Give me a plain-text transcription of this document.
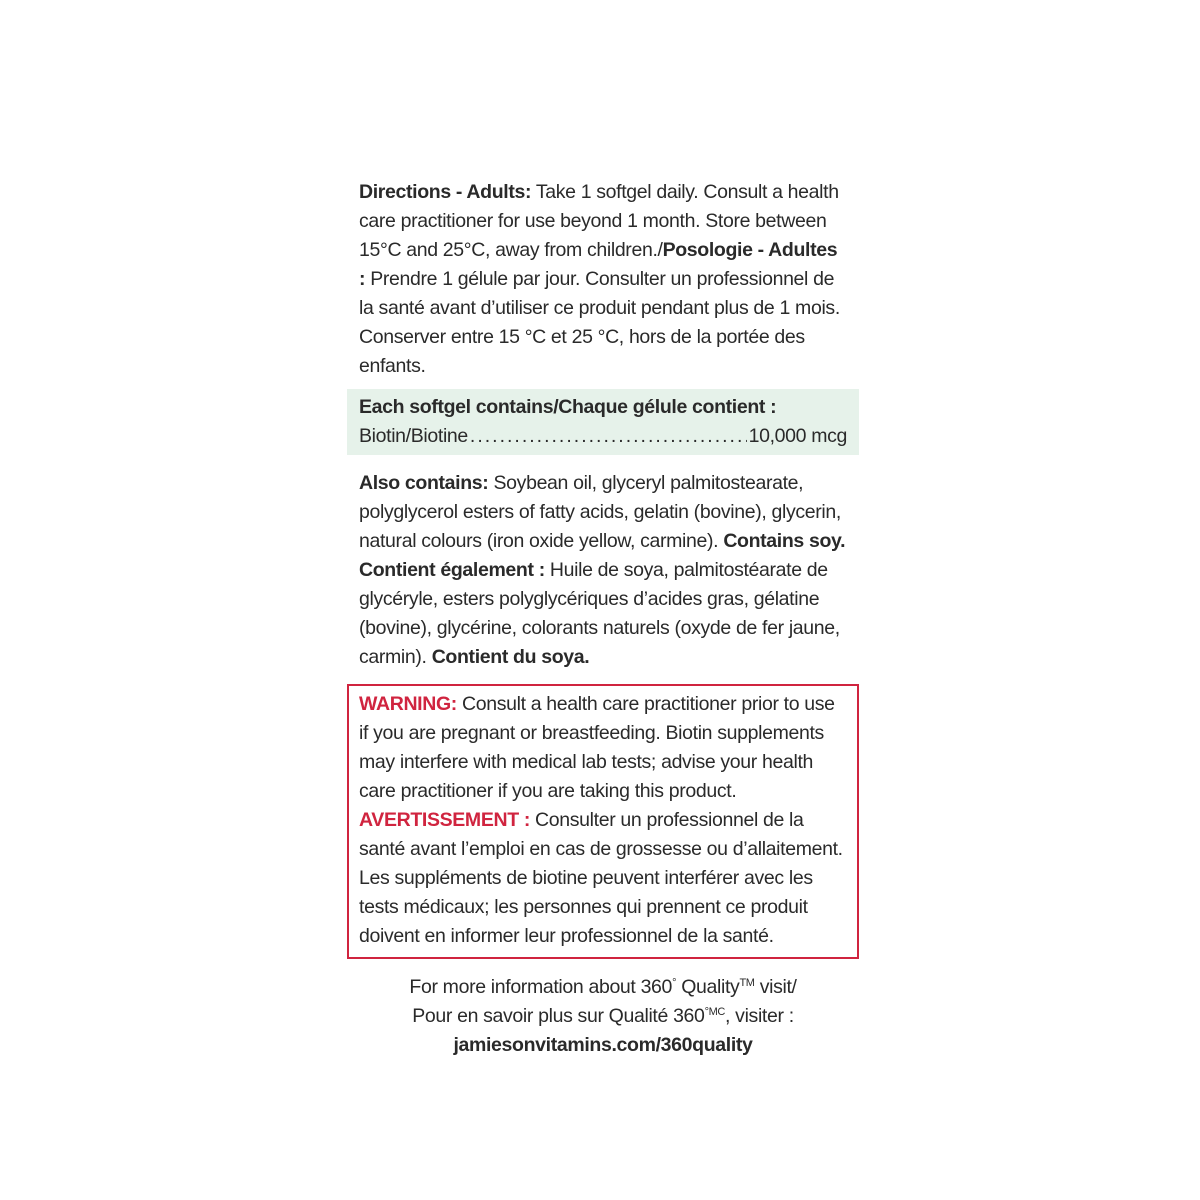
Directions - Adults: Take 1 softgel daily. Consult a health care practitioner for use beyond 1 month. Store between 15°C and 25°C, away from children./Posologie - Adultes : Prendre 1 gélule par jour. Consulter un professionnel de la santé avant d’utiliser ce produit pendant plus de 1 mois. Conserver entre 15 °C et 25 °C, hors de la portée des enfants.

Each softgel contains/Chaque gélule contient :
Biotin/Biotine
.....	10,000 mcg

Also contains: Soybean oil, glyceryl palmitostearate, polyglycerol esters of fatty acids, gelatin (bovine), glycerin, natural colours (iron oxide yellow, carmine). Contains soy.
Contient également : Huile de soya, palmitostéarate de glycéryle, esters polyglycériques d’acides gras, gélatine (bovine), glycérine, colorants naturels (oxyde de fer jaune, carmin). Contient du soya.

WARNING: Consult a health care practitioner prior to use if you are pregnant or breastfeeding. Biotin supplements may interfere with medical lab tests; advise your health care practitioner if you are taking this product.
AVERTISSEMENT : Consulter un professionnel de la santé avant l’emploi en cas de grossesse ou d’allaitement. Les suppléments de biotine peuvent interférer avec les tests médicaux; les personnes qui prennent ce produit doivent en informer leur professionnel de la santé.
For more information about 360° Quality™ visit/
Pour en savoir plus sur Qualité $360^{^\circ MC}$, visiter :
jamiesonvitamins.com/360quality
